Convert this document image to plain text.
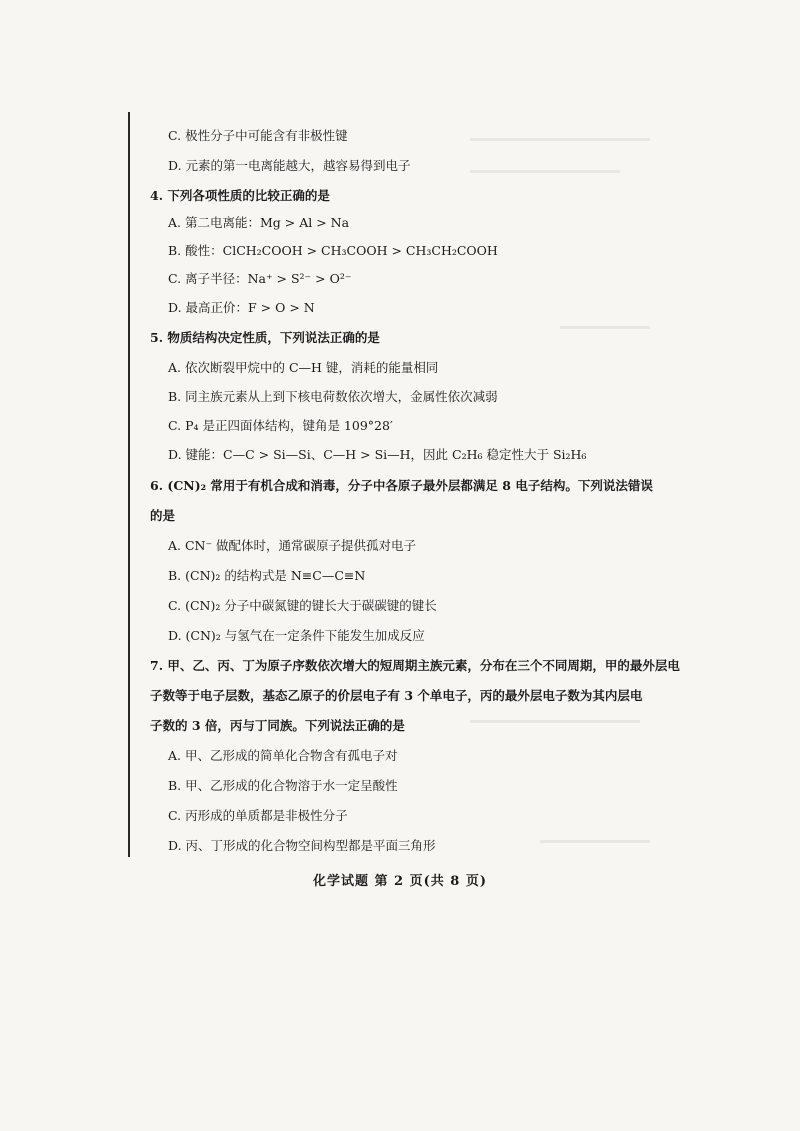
C. 极性分子中可能含有非极性键
D. 元素的第一电离能越大，越容易得到电子
4. 下列各项性质的比较正确的是
A. 第二电离能：Mg > Al > Na
B. 酸性：ClCH₂COOH > CH₃COOH > CH₃CH₂COOH
C. 离子半径：Na⁺ > S²⁻ > O²⁻
D. 最高正价：F > O > N
5. 物质结构决定性质，下列说法正确的是
A. 依次断裂甲烷中的 C—H 键，消耗的能量相同
B. 同主族元素从上到下核电荷数依次增大，金属性依次减弱
C. P₄ 是正四面体结构，键角是 109°28′
D. 键能：C—C > Si—Si、C—H > Si—H，因此 C₂H₆ 稳定性大于 Si₂H₆
6. (CN)₂ 常用于有机合成和消毒，分子中各原子最外层都满足 8 电子结构。下列说法错误
的是
A. CN⁻ 做配体时，通常碳原子提供孤对电子
B. (CN)₂ 的结构式是 N≡C—C≡N
C. (CN)₂ 分子中碳氮键的键长大于碳碳键的键长
D. (CN)₂ 与氢气在一定条件下能发生加成反应
7. 甲、乙、丙、丁为原子序数依次增大的短周期主族元素，分布在三个不同周期，甲的最外层电
子数等于电子层数，基态乙原子的价层电子有 3 个单电子，丙的最外层电子数为其内层电
子数的 3 倍，丙与丁同族。下列说法正确的是
A. 甲、乙形成的简单化合物含有孤电子对
B. 甲、乙形成的化合物溶于水一定呈酸性
C. 丙形成的单质都是非极性分子
D. 丙、丁形成的化合物空间构型都是平面三角形
化学试题 第 2 页(共 8 页)
